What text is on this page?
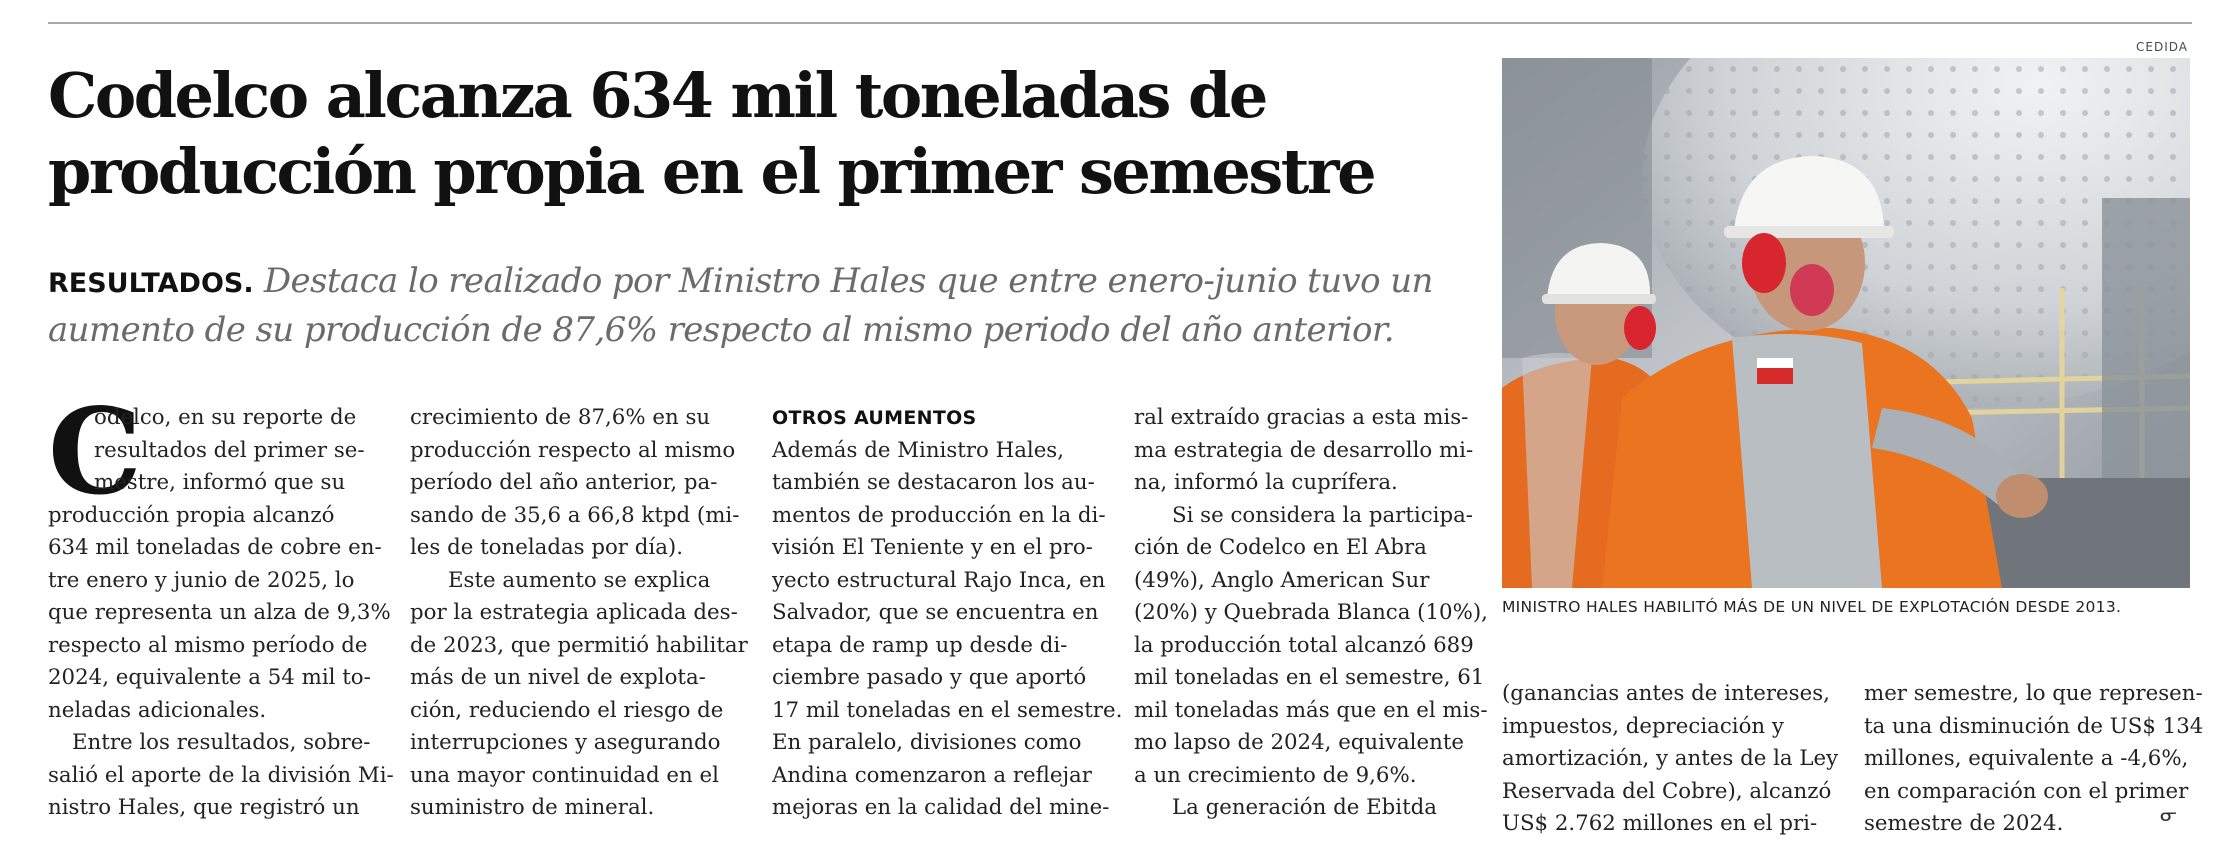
Codelco alcanza 634 mil toneladas de
producción propia en el primer semestre
RESULTADOS. Destaca lo realizado por Ministro Hales que entre enero-junio tuvo un
aumento de su producción de 87,6% respecto al mismo periodo del año anterior.
C
odelco, en su reporte de
resultados del primer se-
mestre, informó que su
producción propia alcanzó
634 mil toneladas de cobre en-
tre enero y junio de 2025, lo
que representa un alza de 9,3%
respecto al mismo período de
2024, equivalente a 54 mil to-
neladas adicionales.
Entre los resultados, sobre-
salió el aporte de la división Mi-
nistro Hales, que registró un
crecimiento de 87,6% en su
producción respecto al mismo
período del año anterior, pa-
sando de 35,6 a 66,8 ktpd (mi-
les de toneladas por día).
Este aumento se explica
por la estrategia aplicada des-
de 2023, que permitió habilitar
más de un nivel de explota-
ción, reduciendo el riesgo de
interrupciones y asegurando
una mayor continuidad en el
suministro de mineral.
OTROS AUMENTOS
Además de Ministro Hales,
también se destacaron los au-
mentos de producción en la di-
visión El Teniente y en el pro-
yecto estructural Rajo Inca, en
Salvador, que se encuentra en
etapa de ramp up desde di-
ciembre pasado y que aportó
17 mil toneladas en el semestre.
En paralelo, divisiones como
Andina comenzaron a reflejar
mejoras en la calidad del mine-
ral extraído gracias a esta mis-
ma estrategia de desarrollo mi-
na, informó la cuprífera.
Si se considera la participa-
ción de Codelco en El Abra
(49%), Anglo American Sur
(20%) y Quebrada Blanca (10%),
la producción total alcanzó 689
mil toneladas en el semestre, 61
mil toneladas más que en el mis-
mo lapso de 2024, equivalente
a un crecimiento de 9,6%.
La generación de Ebitda
CEDIDA
MINISTRO HALES HABILITÓ MÁS DE UN NIVEL DE EXPLOTACIÓN DESDE 2013.
(ganancias antes de intereses,
impuestos, depreciación y
amortización, y antes de la Ley
Reservada del Cobre), alcanzó
US$ 2.762 millones en el pri-
mer semestre, lo que represen-
ta una disminución de US$ 134
millones, equivalente a -4,6%,
en comparación con el primer
semestre de 2024.	ᓂ
